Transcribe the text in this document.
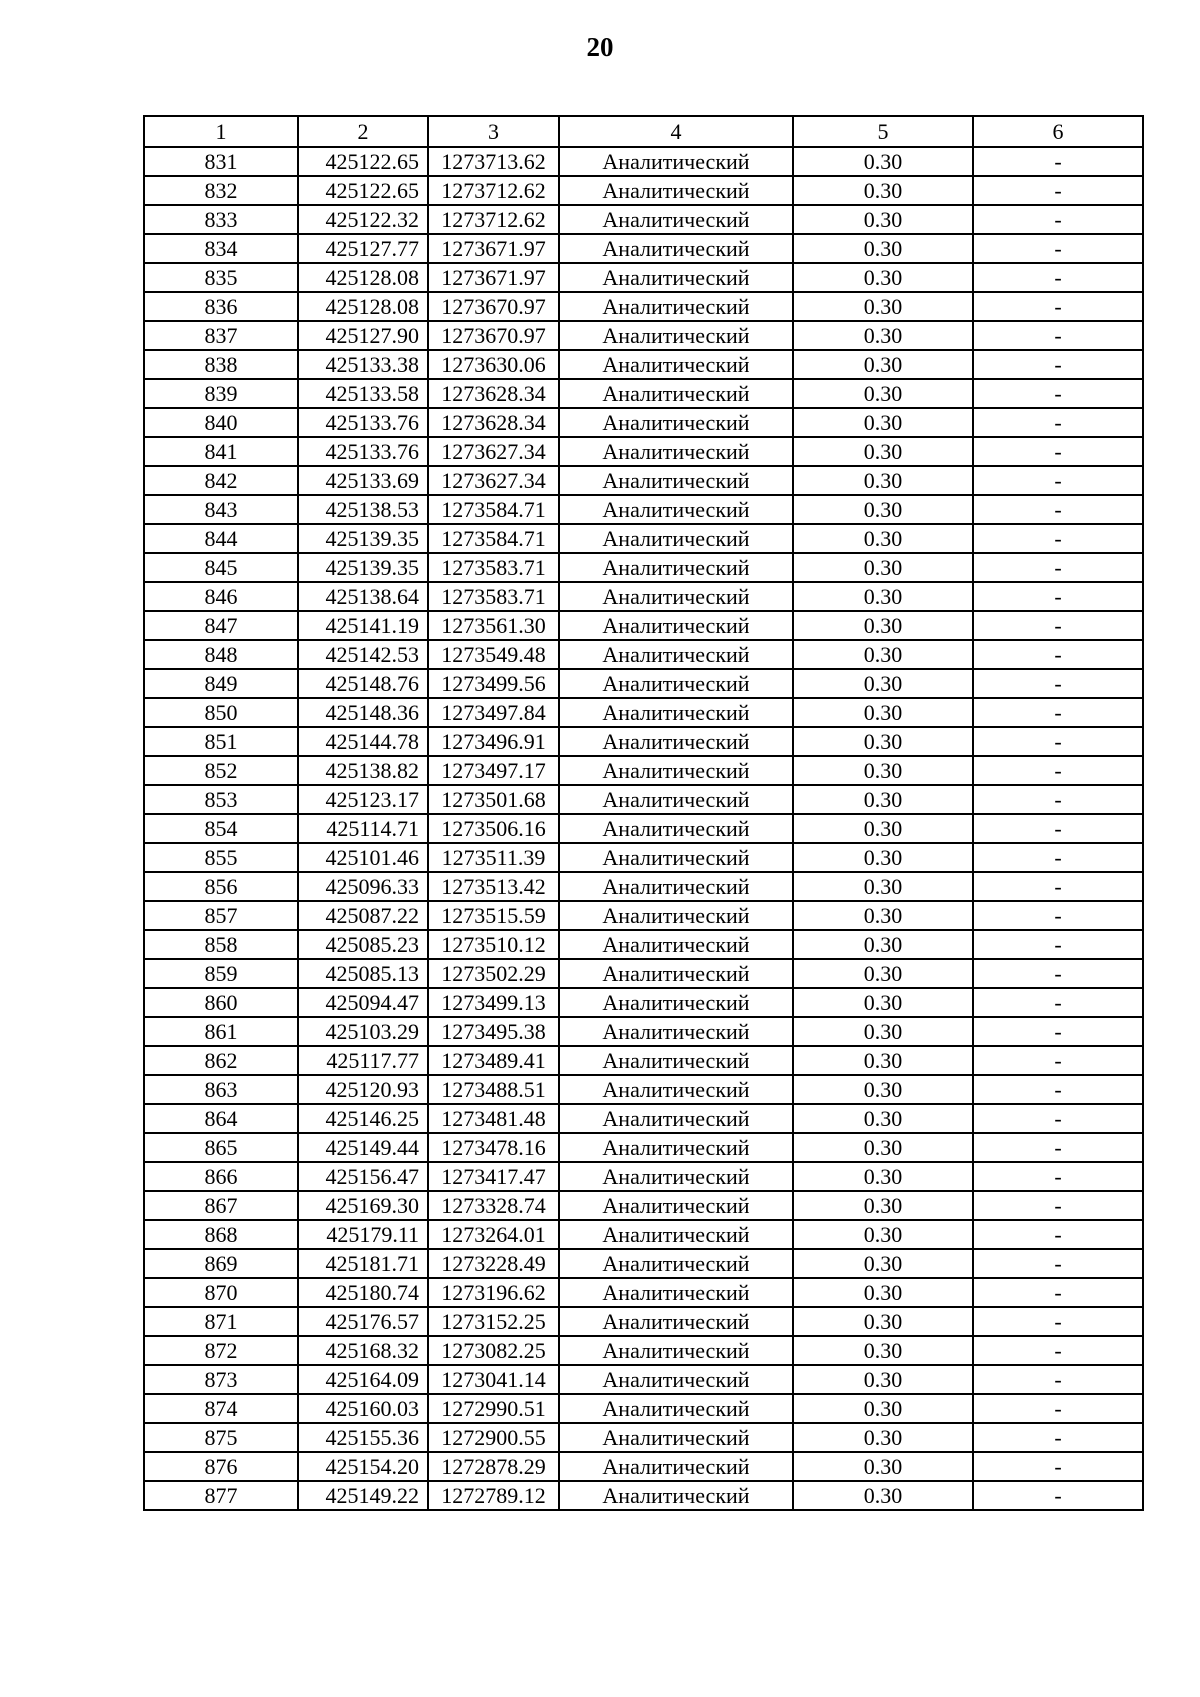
20
1	2	3	4	5	6
831	425122.65	1273713.62	Аналитический	0.30	-
832	425122.65	1273712.62	Аналитический	0.30	-
833	425122.32	1273712.62	Аналитический	0.30	-
834	425127.77	1273671.97	Аналитический	0.30	-
835	425128.08	1273671.97	Аналитический	0.30	-
836	425128.08	1273670.97	Аналитический	0.30	-
837	425127.90	1273670.97	Аналитический	0.30	-
838	425133.38	1273630.06	Аналитический	0.30	-
839	425133.58	1273628.34	Аналитический	0.30	-
840	425133.76	1273628.34	Аналитический	0.30	-
841	425133.76	1273627.34	Аналитический	0.30	-
842	425133.69	1273627.34	Аналитический	0.30	-
843	425138.53	1273584.71	Аналитический	0.30	-
844	425139.35	1273584.71	Аналитический	0.30	-
845	425139.35	1273583.71	Аналитический	0.30	-
846	425138.64	1273583.71	Аналитический	0.30	-
847	425141.19	1273561.30	Аналитический	0.30	-
848	425142.53	1273549.48	Аналитический	0.30	-
849	425148.76	1273499.56	Аналитический	0.30	-
850	425148.36	1273497.84	Аналитический	0.30	-
851	425144.78	1273496.91	Аналитический	0.30	-
852	425138.82	1273497.17	Аналитический	0.30	-
853	425123.17	1273501.68	Аналитический	0.30	-
854	425114.71	1273506.16	Аналитический	0.30	-
855	425101.46	1273511.39	Аналитический	0.30	-
856	425096.33	1273513.42	Аналитический	0.30	-
857	425087.22	1273515.59	Аналитический	0.30	-
858	425085.23	1273510.12	Аналитический	0.30	-
859	425085.13	1273502.29	Аналитический	0.30	-
860	425094.47	1273499.13	Аналитический	0.30	-
861	425103.29	1273495.38	Аналитический	0.30	-
862	425117.77	1273489.41	Аналитический	0.30	-
863	425120.93	1273488.51	Аналитический	0.30	-
864	425146.25	1273481.48	Аналитический	0.30	-
865	425149.44	1273478.16	Аналитический	0.30	-
866	425156.47	1273417.47	Аналитический	0.30	-
867	425169.30	1273328.74	Аналитический	0.30	-
868	425179.11	1273264.01	Аналитический	0.30	-
869	425181.71	1273228.49	Аналитический	0.30	-
870	425180.74	1273196.62	Аналитический	0.30	-
871	425176.57	1273152.25	Аналитический	0.30	-
872	425168.32	1273082.25	Аналитический	0.30	-
873	425164.09	1273041.14	Аналитический	0.30	-
874	425160.03	1272990.51	Аналитический	0.30	-
875	425155.36	1272900.55	Аналитический	0.30	-
876	425154.20	1272878.29	Аналитический	0.30	-
877	425149.22	1272789.12	Аналитический	0.30	-
